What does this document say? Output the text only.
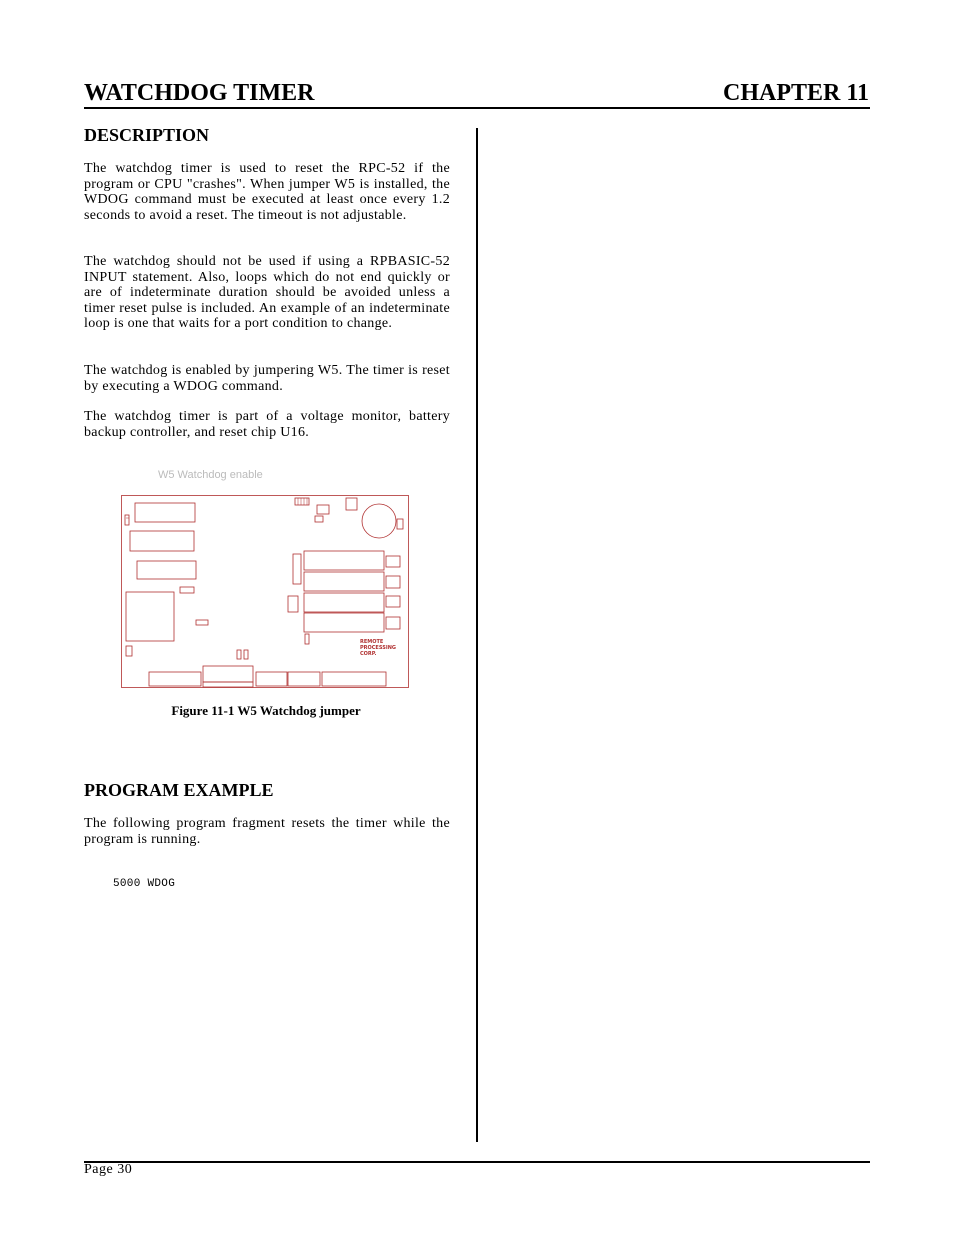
WATCHDOG TIMER	CHAPTER 11
DESCRIPTION
The watchdog timer is used to reset the RPC-52 if the program or CPU "crashes". When jumper W5 is installed, the WDOG command must be executed at least once every 1.2 seconds to avoid a reset. The timeout is not adjustable.
The watchdog should not be used if using a RPBASIC-52 INPUT statement. Also, loops which do not end quickly or are of indeterminate duration should be avoided unless a timer reset pulse is included. An example of an indeterminate loop is one that waits for a port condition to change.
The watchdog is enabled by jumpering W5. The timer is reset by executing a WDOG command.
The watchdog timer is part of a voltage monitor, battery backup controller, and reset chip U16.
W5 Watchdog enable
REMOTE
PROCESSING
CORP.
Figure 11-1 W5 Watchdog jumper
PROGRAM EXAMPLE
The following program fragment resets the timer while the program is running.
5000 WDOG
Page 30
